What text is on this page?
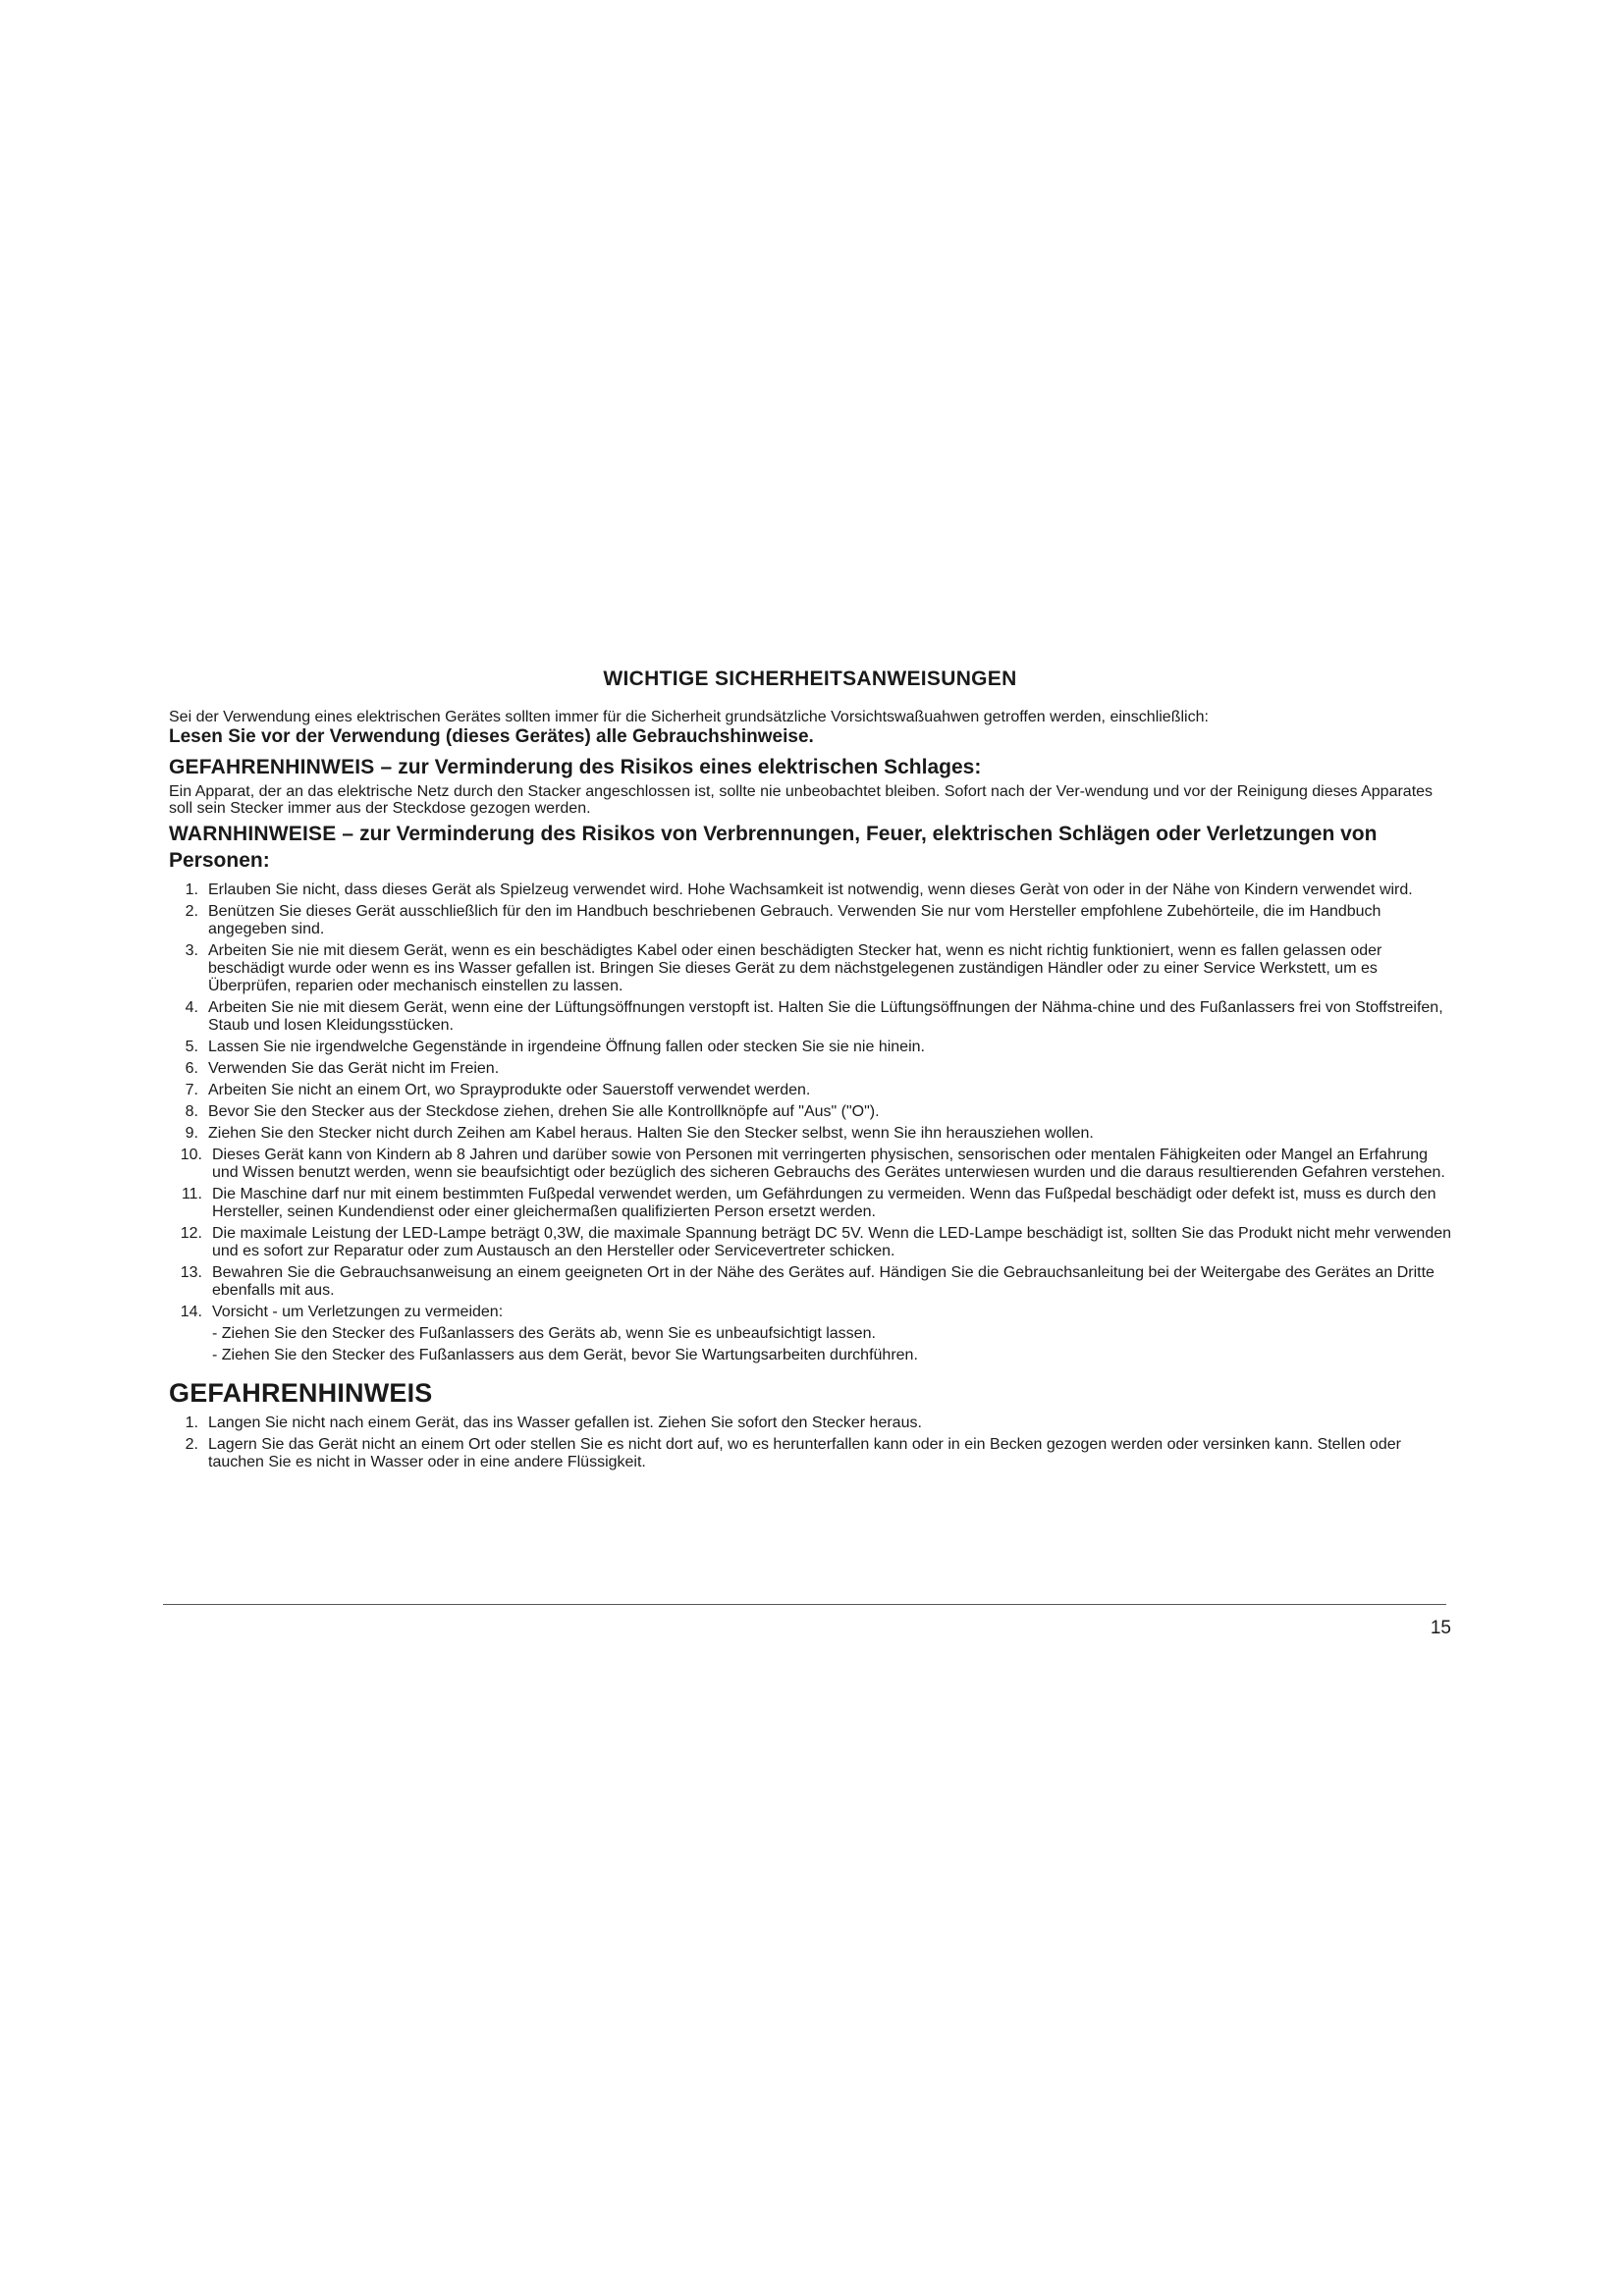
WICHTIGE SICHERHEITSANWEISUNGEN

Sei der Verwendung eines elektrischen Gerätes sollten immer für die Sicherheit grundsätzliche Vorsichtswaßuahwen getroffen werden, einschließlich:

Lesen Sie vor der Verwendung (dieses Gerätes) alle Gebrauchshinweise.

GEFAHRENHINWEIS – zur Verminderung des Risikos eines elektrischen Schlages:

Ein Apparat, der an das elektrische Netz durch den Stacker angeschlossen ist, sollte nie unbeobachtet bleiben. Sofort nach der Ver-wendung und vor der Reinigung dieses Apparates soll sein Stecker immer aus der Steckdose gezogen werden.

WARNHINWEISE – zur Verminderung des Risikos von Verbrennungen, Feuer, elektrischen Schlägen oder Verletzungen von Personen:
1. Erlauben Sie nicht, dass dieses Gerät als Spielzeug verwendet wird. Hohe Wachsamkeit ist notwendig, wenn dieses Geràt von oder in der Nähe von Kindern verwendet wird.
2. Benützen Sie dieses Gerät ausschließlich für den im Handbuch beschriebenen Gebrauch. Verwenden Sie nur vom Hersteller empfohlene Zubehörteile, die im Handbuch angegeben sind.
3. Arbeiten Sie nie mit diesem Gerät, wenn es ein beschädigtes Kabel oder einen beschädigten Stecker hat, wenn es nicht richtig funktioniert, wenn es fallen gelassen oder beschädigt wurde oder wenn es ins Wasser gefallen ist. Bringen Sie dieses Gerät zu dem nächstgelegenen zuständigen Händler oder zu einer Service Werkstett, um es Überprüfen, reparien oder mechanisch einstellen zu lassen.
4. Arbeiten Sie nie mit diesem Gerät, wenn eine der Lüftungsöffnungen verstopft ist. Halten Sie die Lüftungsöffnungen der Nähma-chine und des Fußanlassers frei von Stoffstreifen, Staub und losen Kleidungsstücken.
5. Lassen Sie nie irgendwelche Gegenstände in irgendeine Öffnung fallen oder stecken Sie sie nie hinein.
6. Verwenden Sie das Gerät nicht im Freien.
7. Arbeiten Sie nicht an einem Ort, wo Sprayprodukte oder Sauerstoff verwendet werden.
8. Bevor Sie den Stecker aus der Steckdose ziehen, drehen Sie alle Kontrollknöpfe auf "Aus" ("O").
9. Ziehen Sie den Stecker nicht durch Zeihen am Kabel heraus. Halten Sie den Stecker selbst, wenn Sie ihn herausziehen wollen.
10. Dieses Gerät kann von Kindern ab 8 Jahren und darüber sowie von Personen mit verringerten physischen, sensorischen oder mentalen Fähigkeiten oder Mangel an Erfahrung und Wissen benutzt werden, wenn sie beaufsichtigt oder bezüglich des sicheren Gebrauchs des Gerätes unterwiesen wurden und die daraus resultierenden Gefahren verstehen.
11. Die Maschine darf nur mit einem bestimmten Fußpedal verwendet werden, um Gefährdungen zu vermeiden. Wenn das Fußpedal beschädigt oder defekt ist, muss es durch den Hersteller, seinen Kundendienst oder einer gleichermaßen qualifizierten Person ersetzt werden.
12. Die maximale Leistung der LED-Lampe beträgt 0,3W, die maximale Spannung beträgt DC 5V. Wenn die LED-Lampe beschädigt ist, sollten Sie das Produkt nicht mehr verwenden und es sofort zur Reparatur oder zum Austausch an den Hersteller oder Servicevertreter schicken.
13. Bewahren Sie die Gebrauchsanweisung an einem geeigneten Ort in der Nähe des Gerätes auf. Händigen Sie die Gebrauchsanleitung bei der Weitergabe des Gerätes an Dritte ebenfalls mit aus.
14. Vorsicht - um Verletzungen zu vermeiden:
- Ziehen Sie den Stecker des Fußanlassers des Geräts ab, wenn Sie es unbeaufsichtigt lassen.
- Ziehen Sie den Stecker des Fußanlassers aus dem Gerät, bevor Sie Wartungsarbeiten durchführen.
GEFAHRENHINWEIS
1. Langen Sie nicht nach einem Gerät, das ins Wasser gefallen ist. Ziehen Sie sofort den Stecker heraus.
2. Lagern Sie das Gerät nicht an einem Ort oder stellen Sie es nicht dort auf, wo es herunterfallen kann oder in ein Becken gezogen werden oder versinken kann. Stellen oder tauchen Sie es nicht in Wasser oder in eine andere Flüssigkeit.
15
